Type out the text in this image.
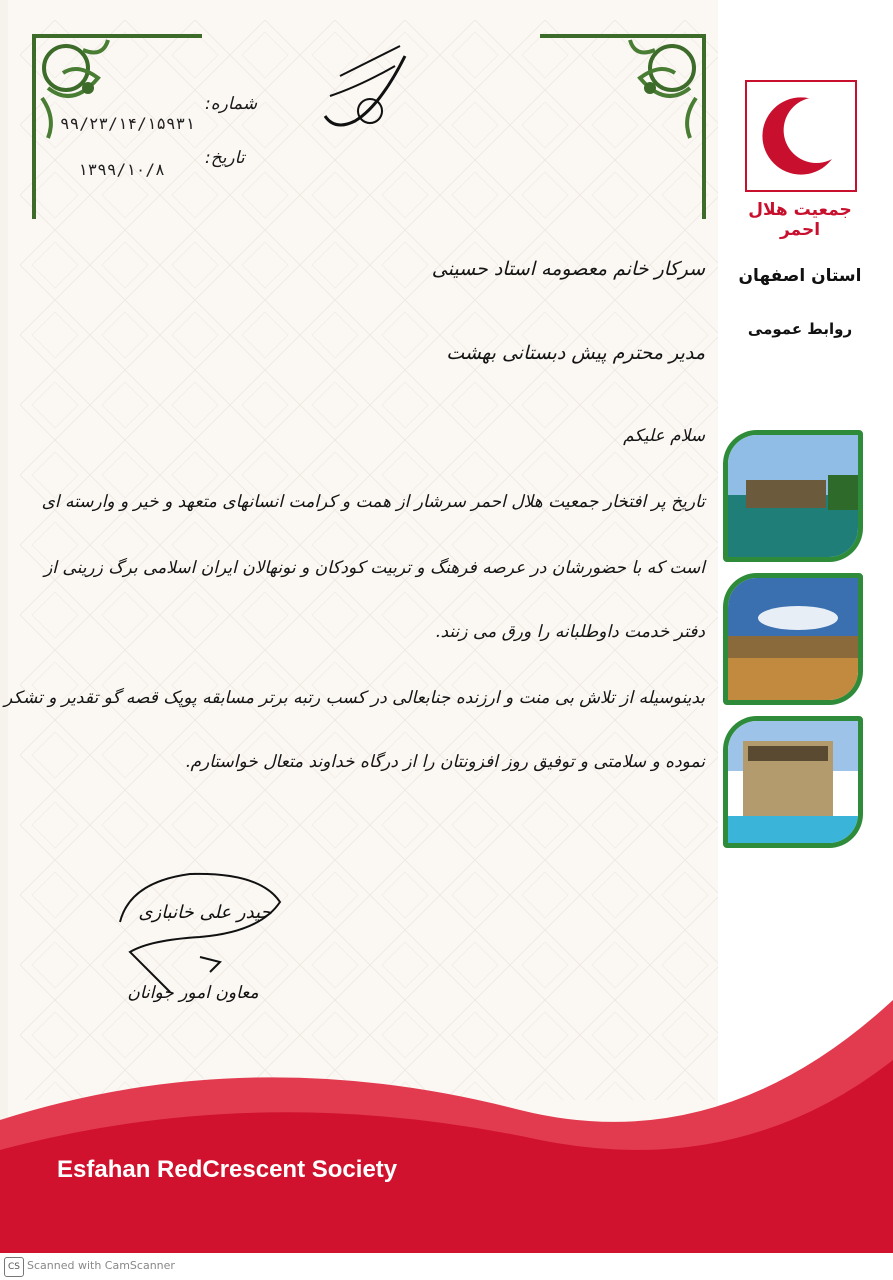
شماره:
۹۹/۲۳/۱۴/۱۵۹۳۱
تاریخ:
۱۳۹۹/۱۰/۸
جمعیت هلال احمر
استان اصفهان
روابط عمومی
سرکار خانم معصومه استاد حسینی
مدیر محترم پیش دبستانی بهشت
سلام علیکم
تاریخ پر افتخار جمعیت هلال احمر سرشار از همت و کرامت انسانهای متعهد و خیر و وارسته ای
است که با حضورشان در عرصه فرهنگ و تربیت کودکان و نونهالان ایران اسلامی برگ زرینی از
دفتر خدمت داوطلبانه را ورق می زنند.
بدینوسیله از تلاش بی منت و ارزنده جنابعالی در کسب رتبه برتر مسابقه پوپک قصه گو تقدیر و تشکر
نموده و سلامتی و توفیق روز افزونتان را از درگاه خداوند متعال خواستارم.
حیدر علی خانبازی
معاون امور جوانان
Esfahan RedCrescent Society
CS Scanned with CamScanner
